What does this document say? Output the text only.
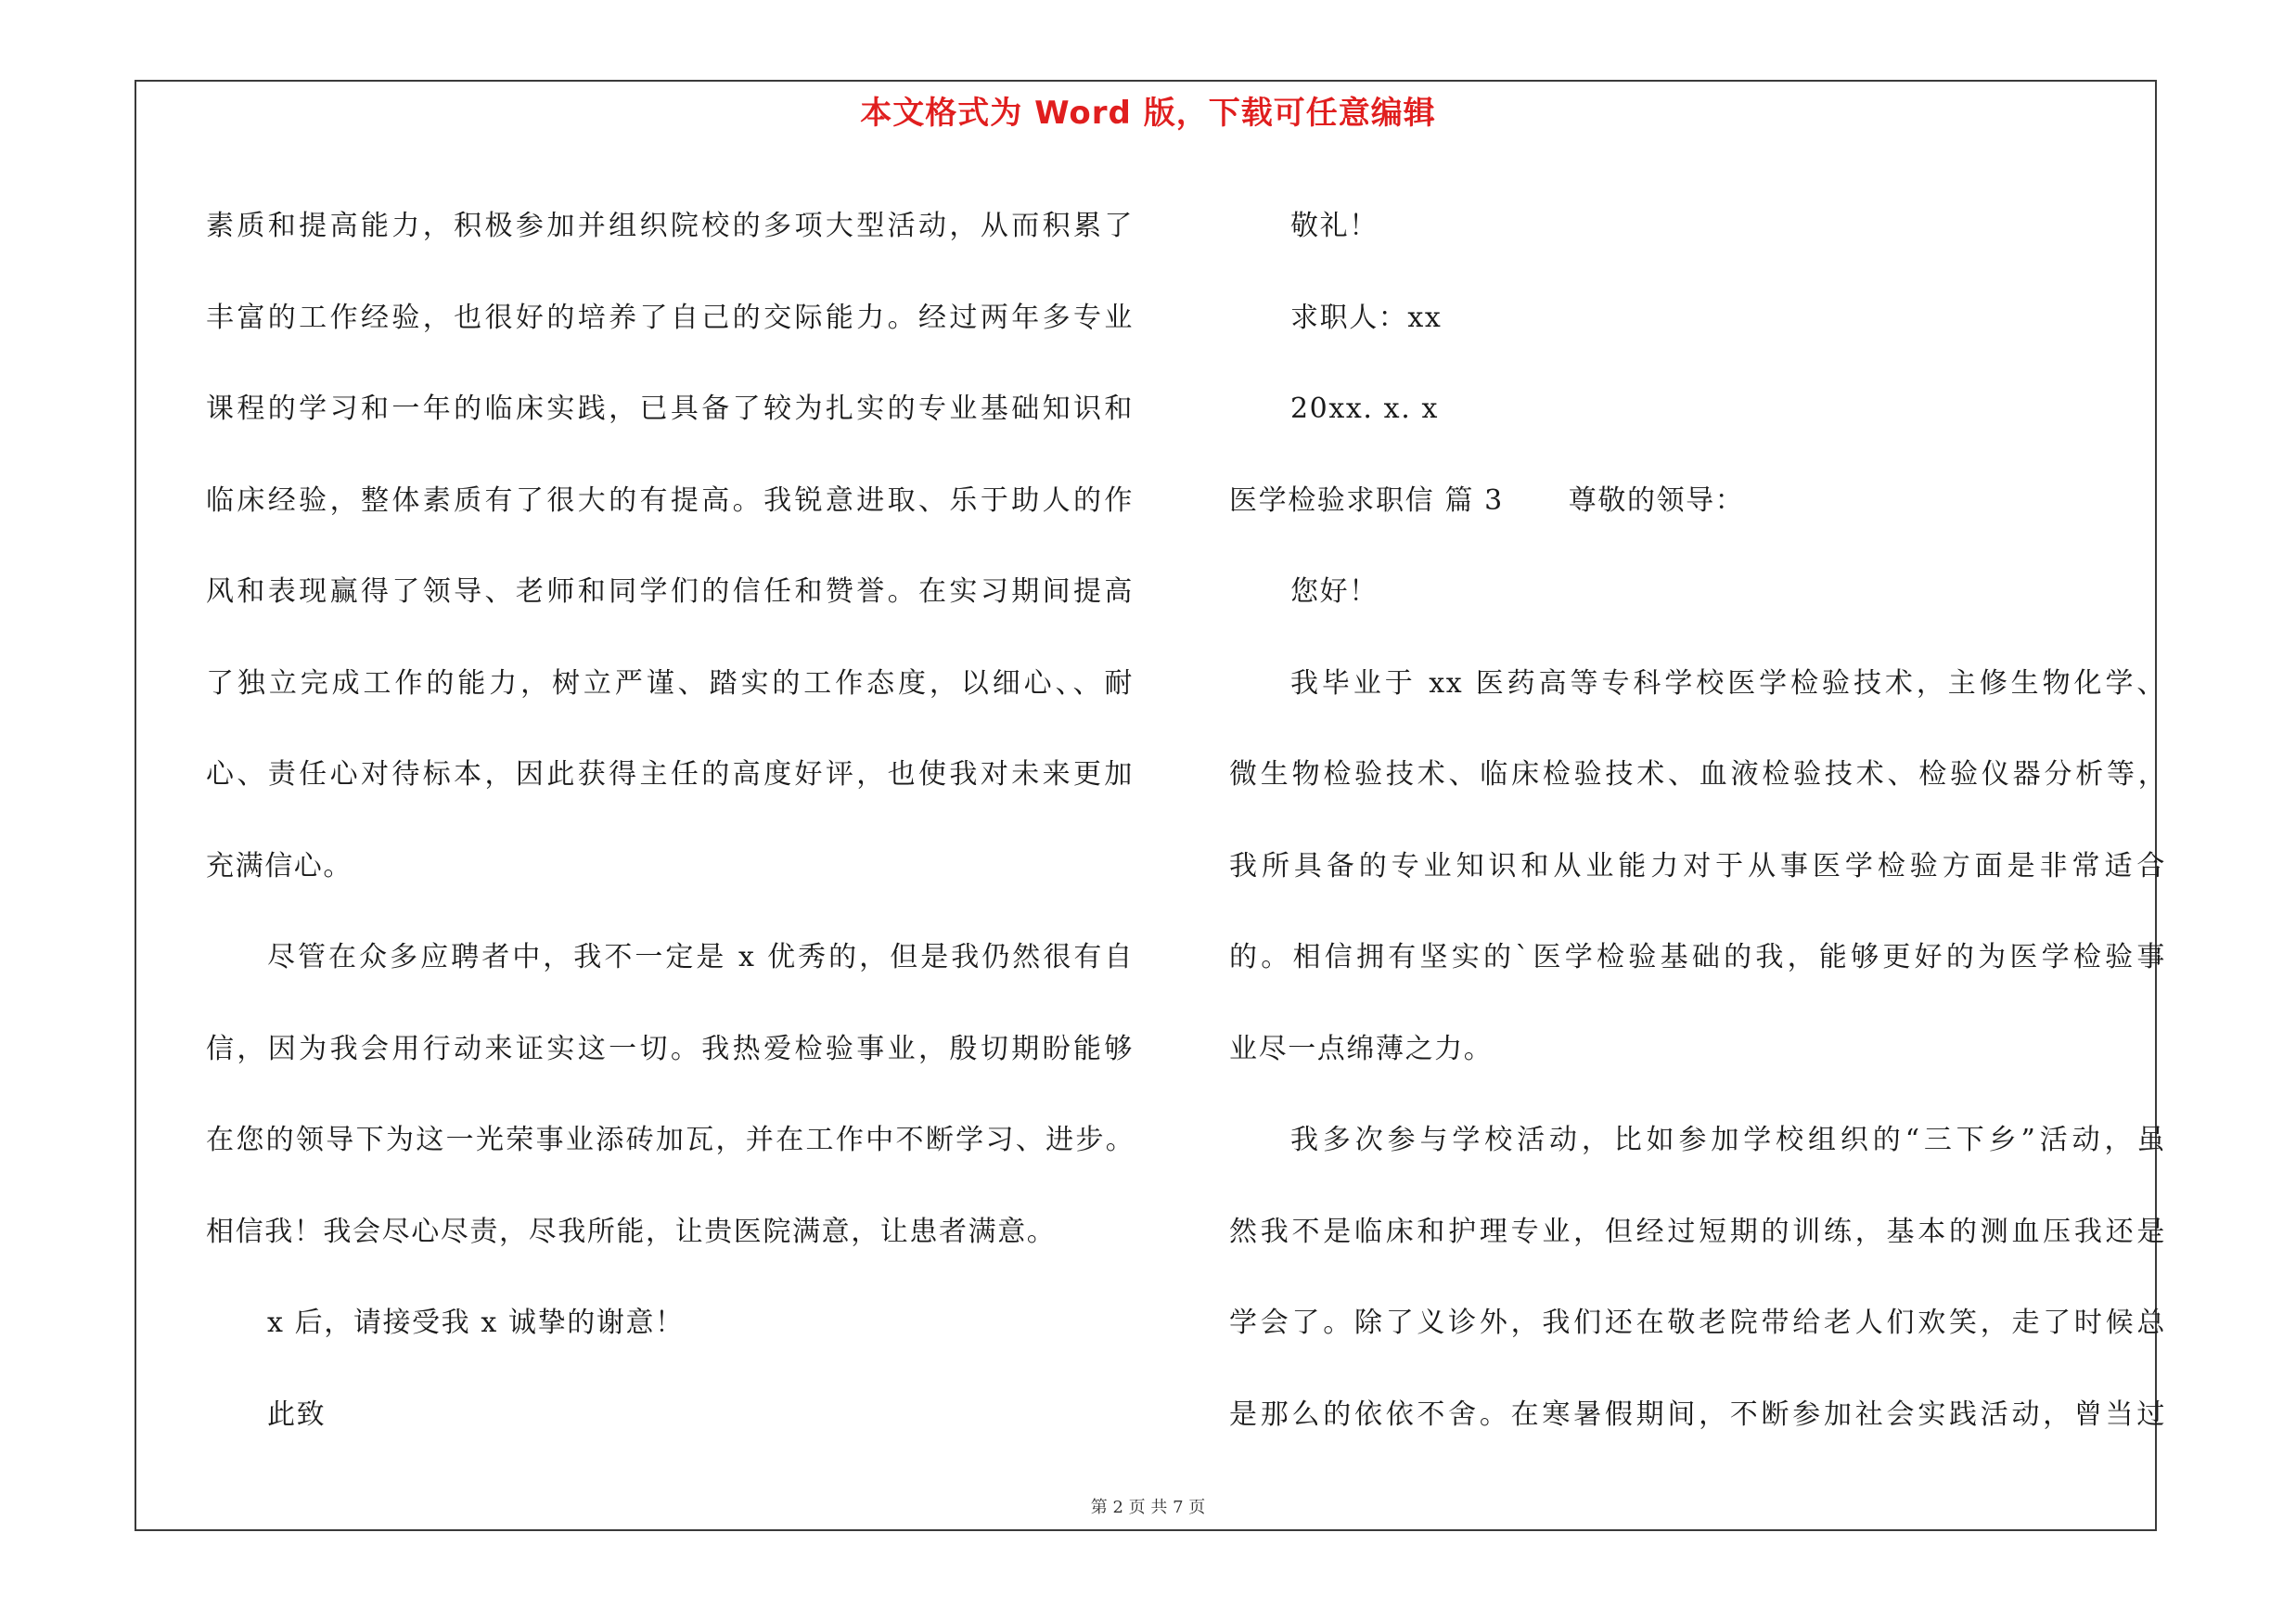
本文格式为 Word 版，下载可任意编辑
素质和提高能力，积极参加并组织院校的多项大型活动，从而积累了
丰富的工作经验，也很好的培养了自己的交际能力。经过两年多专业
课程的学习和一年的临床实践，已具备了较为扎实的专业基础知识和
临床经验，整体素质有了很大的有提高。我锐意进取、乐于助人的作
风和表现赢得了领导、老师和同学们的信任和赞誉。在实习期间提高
了独立完成工作的能力，树立严谨、踏实的工作态度，以细心、、耐
心、责任心对待标本，因此获得主任的高度好评，也使我对未来更加
充满信心。
尽管在众多应聘者中，我不一定是 x 优秀的，但是我仍然很有自
信，因为我会用行动来证实这一切。我热爱检验事业，殷切期盼能够
在您的领导下为这一光荣事业添砖加瓦，并在工作中不断学习、进步。
相信我！我会尽心尽责，尽我所能，让贵医院满意，让患者满意。
x 后，请接受我 x 诚挚的谢意！
此致
敬礼！
求职人：xx
20xx. x. x
医学检验求职信 篇 3 尊敬的领导：
您好！
我毕业于 xx 医药高等专科学校医学检验技术，主修生物化学、
微生物检验技术、临床检验技术、血液检验技术、检验仪器分析等，
我所具备的专业知识和从业能力对于从事医学检验方面是非常适合
的。相信拥有坚实的`医学检验基础的我，能够更好的为医学检验事
业尽一点绵薄之力。
我多次参与学校活动，比如参加学校组织的“三下乡”活动，虽
然我不是临床和护理专业，但经过短期的训练，基本的测血压我还是
学会了。除了义诊外，我们还在敬老院带给老人们欢笑，走了时候总
是那么的依依不舍。在寒暑假期间，不断参加社会实践活动，曾当过
第 2 页 共 7 页
